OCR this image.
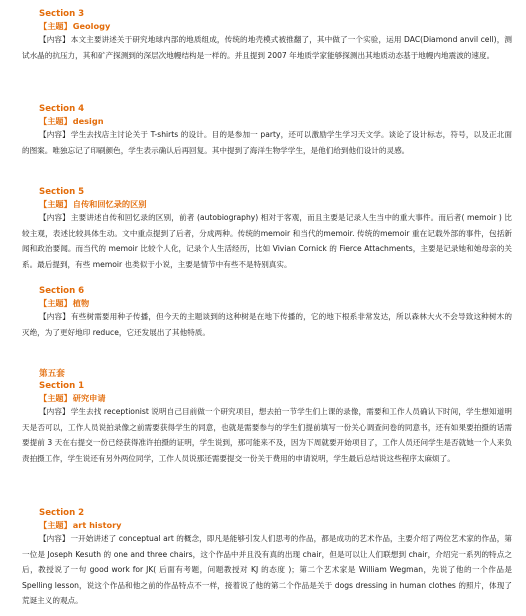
Section 3
【主题】Geology

【内容】本文主要讲述关于研究地球内部的地质组成，传统的地壳模式被推翻了，其中做了一个实验，运用 DAC(Diamond anvil cell)，测试水晶的抗压力，其和矿产探测到的深层次地幔结构是一样的。并且提到 2007 年地质学家能够探测出其地质动态基于地幔内地震波的速度。

Section 4
【主题】design

【内容】学生去找店主讨论关于 T-shirts 的设计。目的是参加一 party，还可以激励学生学习天文学。谈论了设计标志，符号，以及正北面的图案。唯独忘记了印刷颜色，学生表示确认后再回复。其中提到了海洋生物学学生，是他们给到他们设计的灵感。

Section 5
【主题】自传和回忆录的区别

【内容】主要讲述自传和回忆录的区别，前者 (autobiography) 相对于客观，而且主要是记录人生当中的重大事件。而后者( memoir ) 比较主观，表述比较具体生动。文中重点提到了后者，分成两种。传统的memoir 和当代的memoir. 传统的memoir 重在记载外部的事件，包括新闻和政治要闻。而当代的 memoir 比较个人化，记录个人生活经历，比如 Vivian Cornick 的 Fierce Attachments，主要是记录她和她母亲的关系。最后提到，有些 memoir 也类似于小说，主要是情节中有些不是特别真实。

Section 6
【主题】植物

【内容】有些树需要用种子传播，但今天的主题谈到的这种树是在地下传播的，它的地下根系非常发达，所以森林大火不会导致这种树木的 灭绝，为了更好地印 reduce，它还发展出了其他特质。

第五套
Section 1
【主题】研究申请

【内容】学生去找 receptionist 说明自己目前做一个研究项目，想去拍一节学生们上课的录像，需要和工作人员确认下时间，学生想知道明天是否可以，工作人员说拍录像之前需要获得学生的同意，也就是需要参与的学生们提前填写一份关心调查问卷的同意书，还有如果要拍摄的话需要提前 3 天在右提交一份已经获得准许拍摄的证明，学生说到，那可能来不及，因为下周就要开始项目了，工作人员还问学生是否就她一个人来负责拍摄工作，学生说还有另外两位同学，工作人员说那还需要提交一份关于费用的申请说明，学生最后总结说这些程序太麻烦了。

Section 2
【主题】art history

【内容】一开始讲述了 conceptual art 的概念，即凡是能够引发人们思考的作品，都是成功的艺术作品，主要介绍了两位艺术家的作品，第一位是 Joseph Kesuth 的 one and three chairs，这个作品中并且没有真的出现 chair，但是可以让人们联想到 chair，介绍完一系列的特点之后，教授说了一句 good work for JK( 后面有考题，问题教授对 KJ 的态度 )；第二个艺术家是 William Wegman，先说了他的一个作品是 Spelling lesson，说这个作品和他之前的作品特点不一样，接着说了他的第二个作品是关于 dogs dressing in human clothes 的照片，体现了荒诞主义的观点。
